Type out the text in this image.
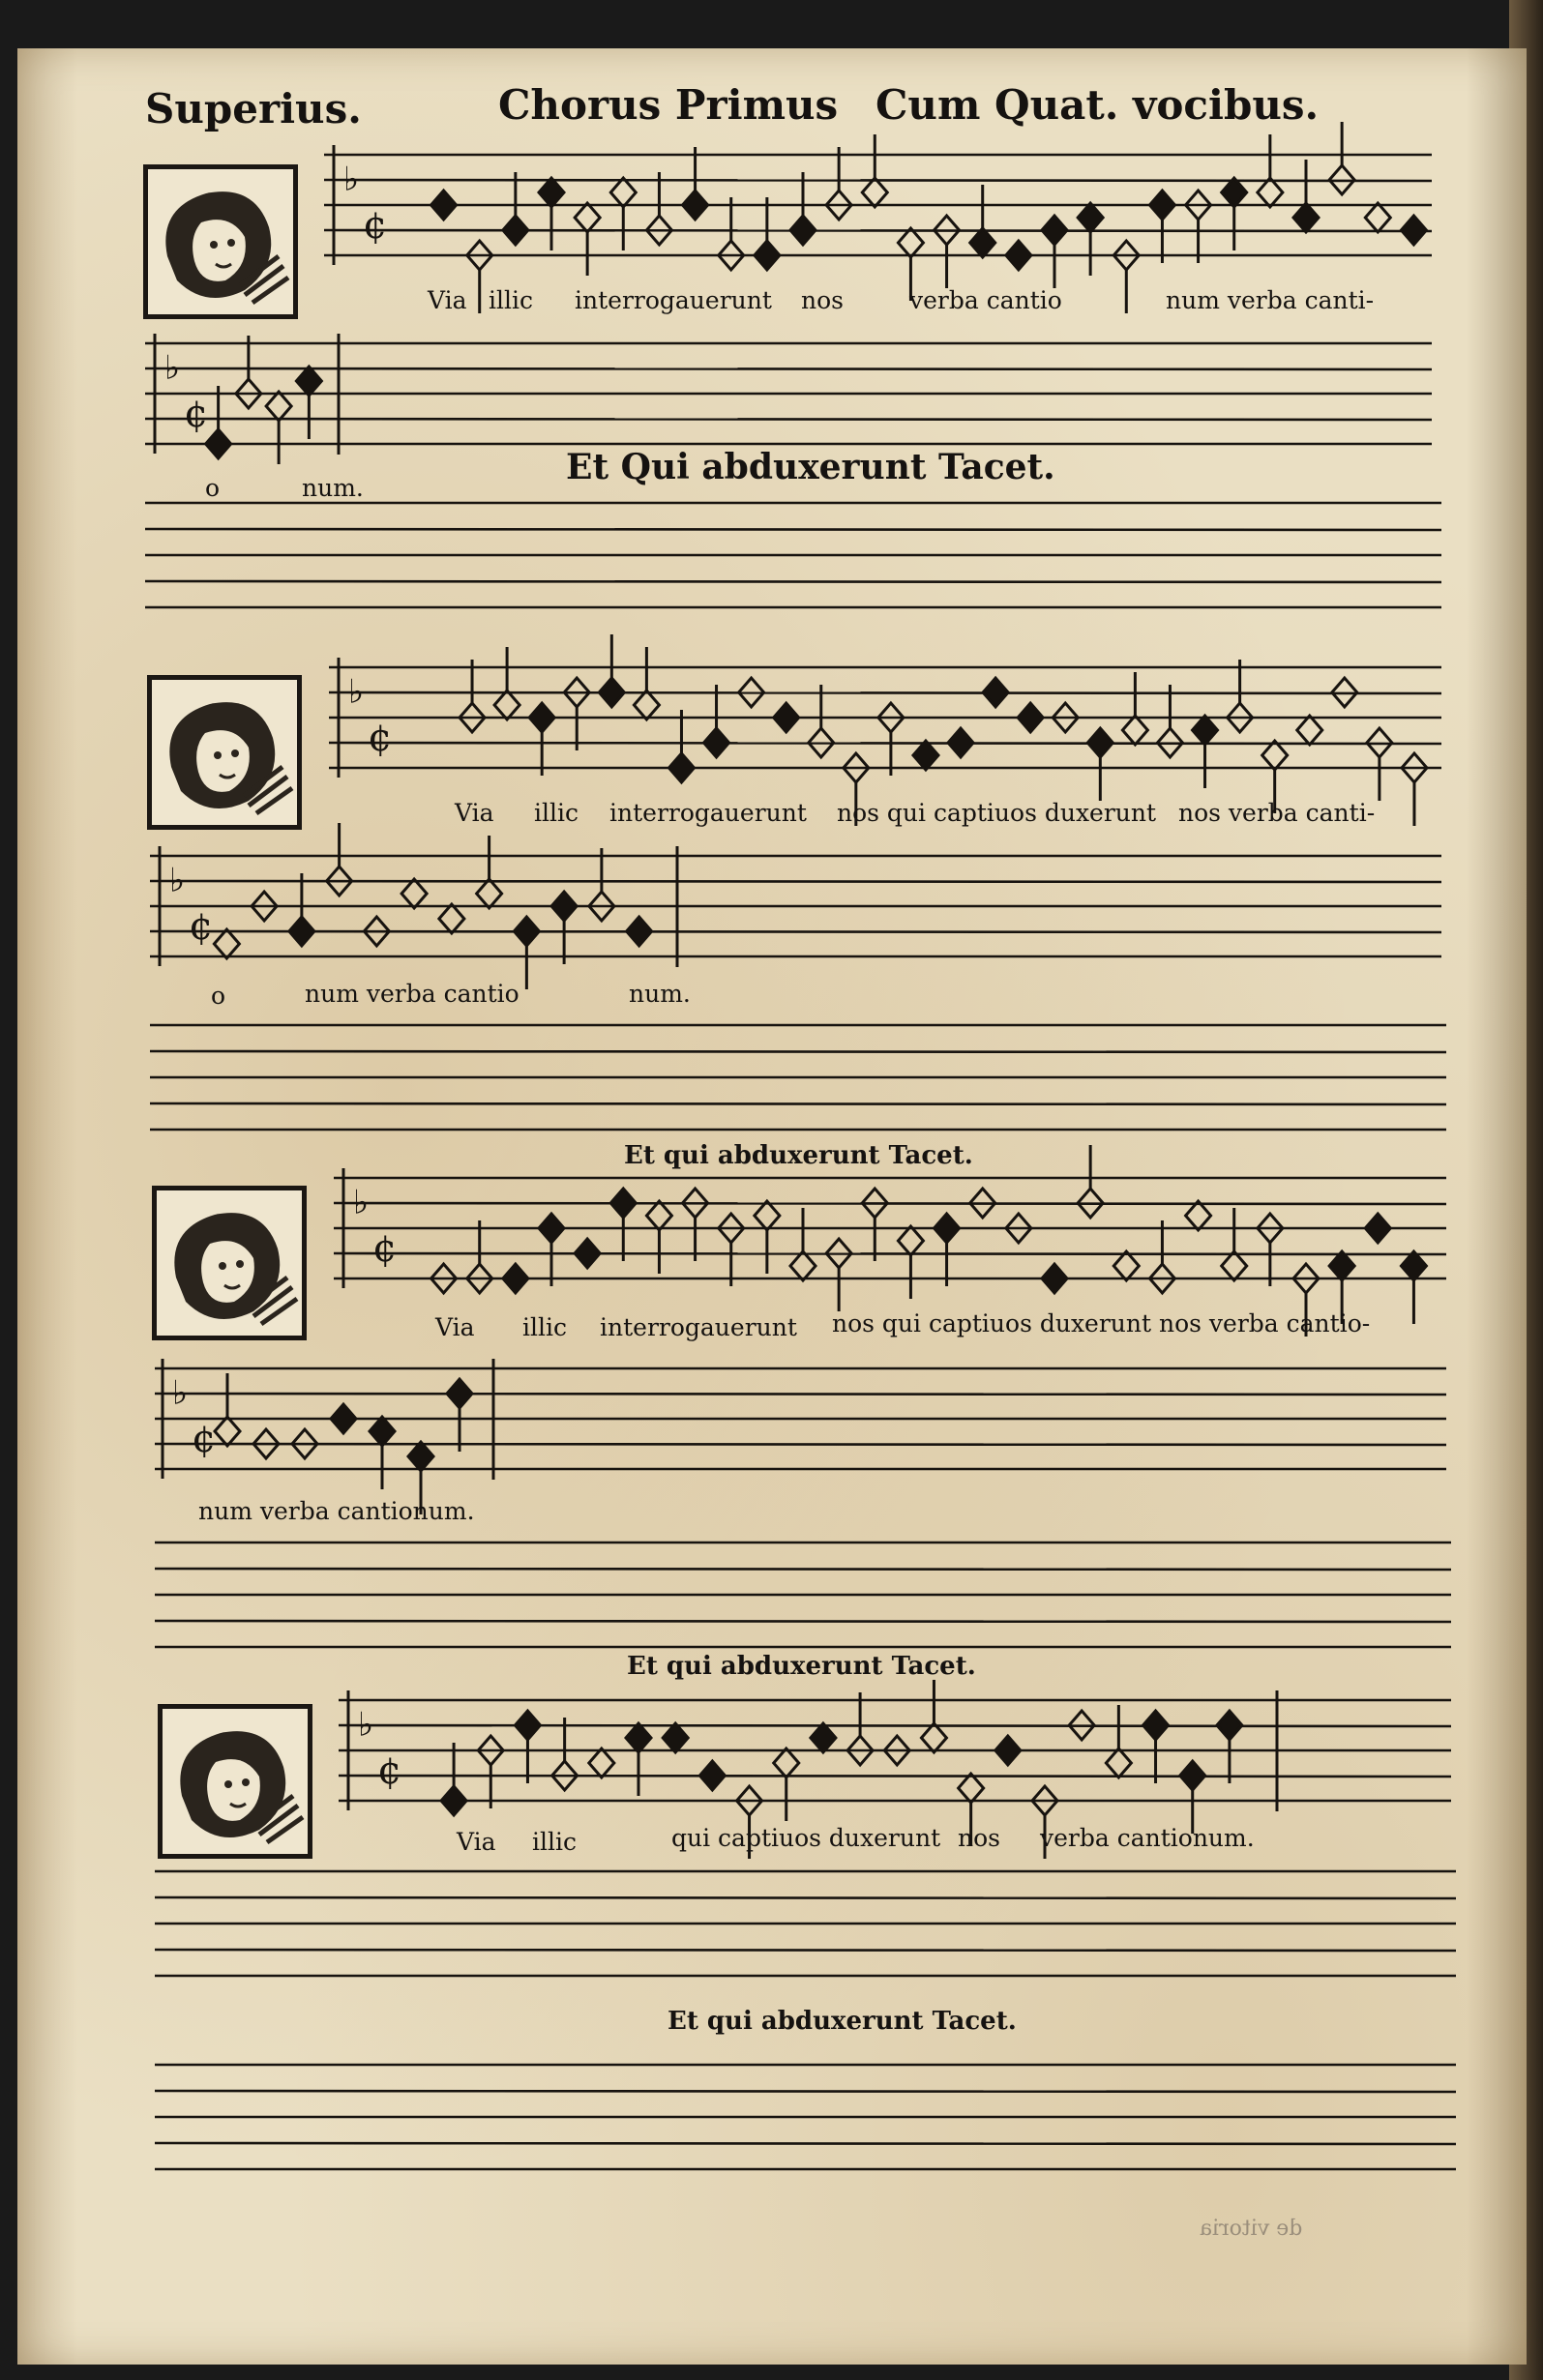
Superius.	Chorus Primus Cum Quat. vocibus.
♭
¢
♭
¢
♭
¢
♭
¢
♭
¢
♭
¢
♭
¢
Via illic interrogauerunt nos	verba cantio	num verba canti-
o	num.
Et Qui abduxerunt Tacet.
Via illic interrogauerunt nos qui captiuos duxerunt nos verba canti-
o	num verba cantio	num.
Et qui abduxerunt Tacet.
Via illic interrogauerunt nos qui captiuos duxerunt nos verba cantio-
num verba cantionum.
Et qui abduxerunt Tacet.
Via illic	qui captiuos duxerunt nos verba cantionum.
Et qui abduxerunt Tacet.
de vitoria
